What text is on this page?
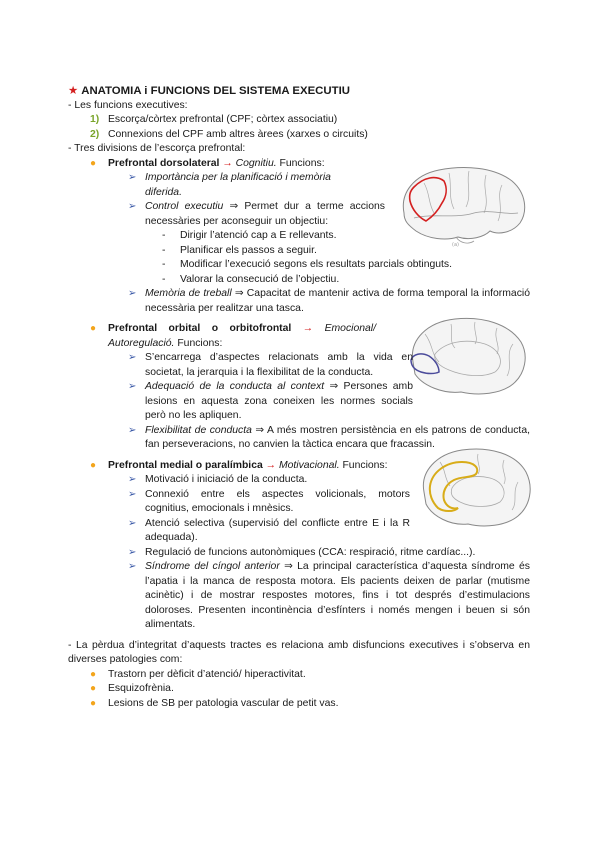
(a)
★ ANATOMIA i FUNCIONS DEL SISTEMA EXECUTIU

- Les funcions executives:

1) Escorça/còrtex prefrontal (CPF; còrtex associatiu)
2) Connexions del CPF amb altres àrees (xarxes o circuits)

- Tres divisions de l’escorça prefrontal:

● Prefrontal dorsolateral → Cognitiu. Funcions:
➢ Importància per la planificació i memòria diferida.
➢ Control executiu ⇒ Permet dur a terme accions necessàries per aconseguir un objectiu:
- Dirigir l’atenció cap a E rellevants.
- Planificar els passos a seguir.
- Modificar l’execució segons els resultats parcials obtinguts.
- Valorar la consecució de l’objectiu.
➢ Memòria de treball ⇒ Capacitat de mantenir activa de forma temporal la informació necessària per realitzar una tasca.
● Prefrontal orbital o orbitofrontal → Emocional/ Autoregulació. Funcions:
➢ S’encarrega d’aspectes relacionats amb la vida en societat, la jerarquia i la flexibilitat de la conducta.
➢ Adequació de la conducta al context ⇒ Persones amb lesions en aquesta zona coneixen les normes socials però no les apliquen.
➢ Flexibilitat de conducta ⇒ A més mostren persistència en els patrons de conducta, fan perseveracions, no canvien la tàctica encara que fracassin.
● Prefrontal medial o paralímbica → Motivacional. Funcions:
➢ Motivació i iniciació de la conducta.
➢ Connexió entre els aspectes volicionals, motors cognitius, emocionals i mnèsics.
➢ Atenció selectiva (supervisió del conflicte entre E i la R adequada).
➢ Regulació de funcions autonòmiques (CCA: respiració, ritme cardíac...).
➢ Síndrome del cíngol anterior ⇒ La principal característica d’aquesta síndrome és l’apatia i la manca de resposta motora. Els pacients deixen de parlar (mutisme acinètic) i de mostrar respostes motores, fins i tot després d’estimulacions doloroses. Presenten incontinència d’esfínters i només mengen i beuen si són alimentats.

- La pèrdua d’integritat d’aquests tractes es relaciona amb disfuncions executives i s’observa en diverses patologies com:

● Trastorn per dèficit d’atenció/ hiperactivitat.
● Esquizofrènia.
● Lesions de SB per patologia vascular de petit vas.
